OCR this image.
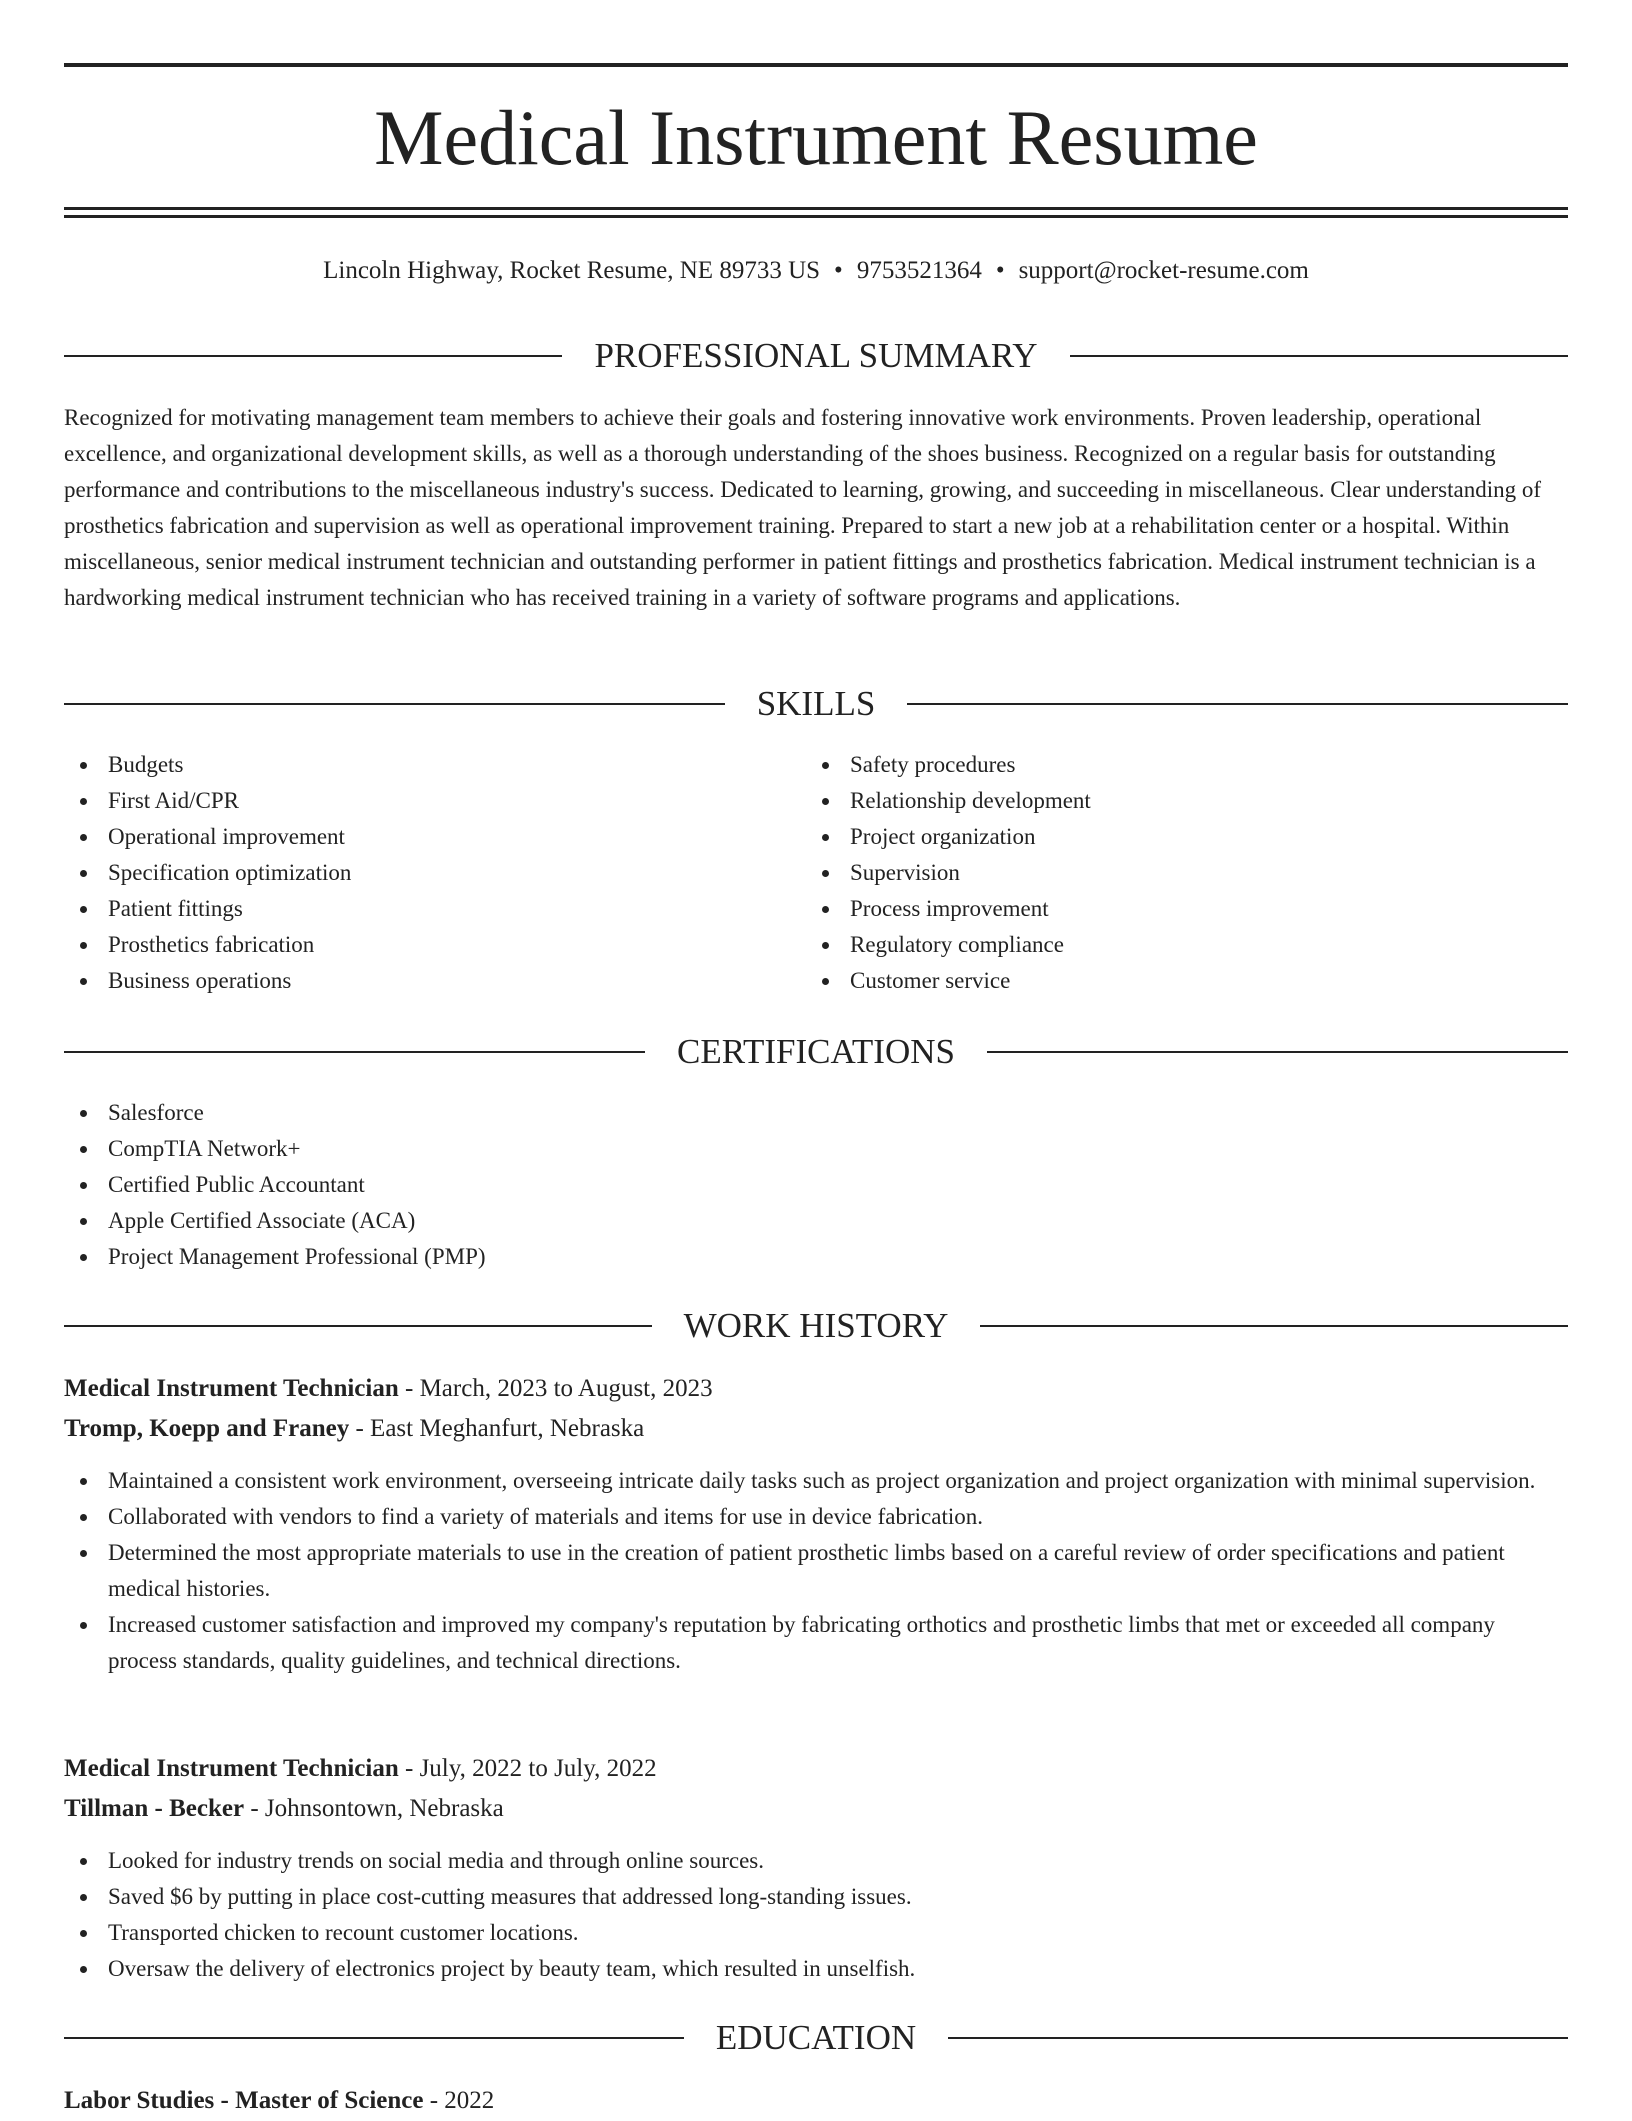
Medical Instrument Resume
Lincoln Highway, Rocket Resume, NE 89733 US • 9753521364 • support@rocket-resume.com
PROFESSIONAL SUMMARY

Recognized for motivating management team members to achieve their goals and fostering innovative work environments. Proven leadership, operational excellence, and organizational development skills, as well as a thorough understanding of the shoes business. Recognized on a regular basis for outstanding performance and contributions to the miscellaneous industry's success. Dedicated to learning, growing, and succeeding in miscellaneous. Clear understanding of prosthetics fabrication and supervision as well as operational improvement training. Prepared to start a new job at a rehabilitation center or a hospital. Within miscellaneous, senior medical instrument technician and outstanding performer in patient fittings and prosthetics fabrication. Medical instrument technician is a hardworking medical instrument technician who has received training in a variety of software programs and applications.

SKILLS
Budgets
First Aid/CPR
Operational improvement
Specification optimization
Patient fittings
Prosthetics fabrication
Business operations
Safety procedures
Relationship development
Project organization
Supervision
Process improvement
Regulatory compliance
Customer service
CERTIFICATIONS
Salesforce
CompTIA Network+
Certified Public Accountant
Apple Certified Associate (ACA)
Project Management Professional (PMP)
WORK HISTORY
Medical Instrument Technician - March, 2023 to August, 2023
Tromp, Koepp and Franey - East Meghanfurt, Nebraska
Maintained a consistent work environment, overseeing intricate daily tasks such as project organization and project organization with minimal supervision.
Collaborated with vendors to find a variety of materials and items for use in device fabrication.
Determined the most appropriate materials to use in the creation of patient prosthetic limbs based on a careful review of order specifications and patient medical histories.
Increased customer satisfaction and improved my company's reputation by fabricating orthotics and prosthetic limbs that met or exceeded all company process standards, quality guidelines, and technical directions.
Medical Instrument Technician - July, 2022 to July, 2022
Tillman - Becker - Johnsontown, Nebraska
Looked for industry trends on social media and through online sources.
Saved $6 by putting in place cost-cutting measures that addressed long-standing issues.
Transported chicken to recount customer locations.
Oversaw the delivery of electronics project by beauty team, which resulted in unselfish.
EDUCATION
Labor Studies - Master of Science - 2022
